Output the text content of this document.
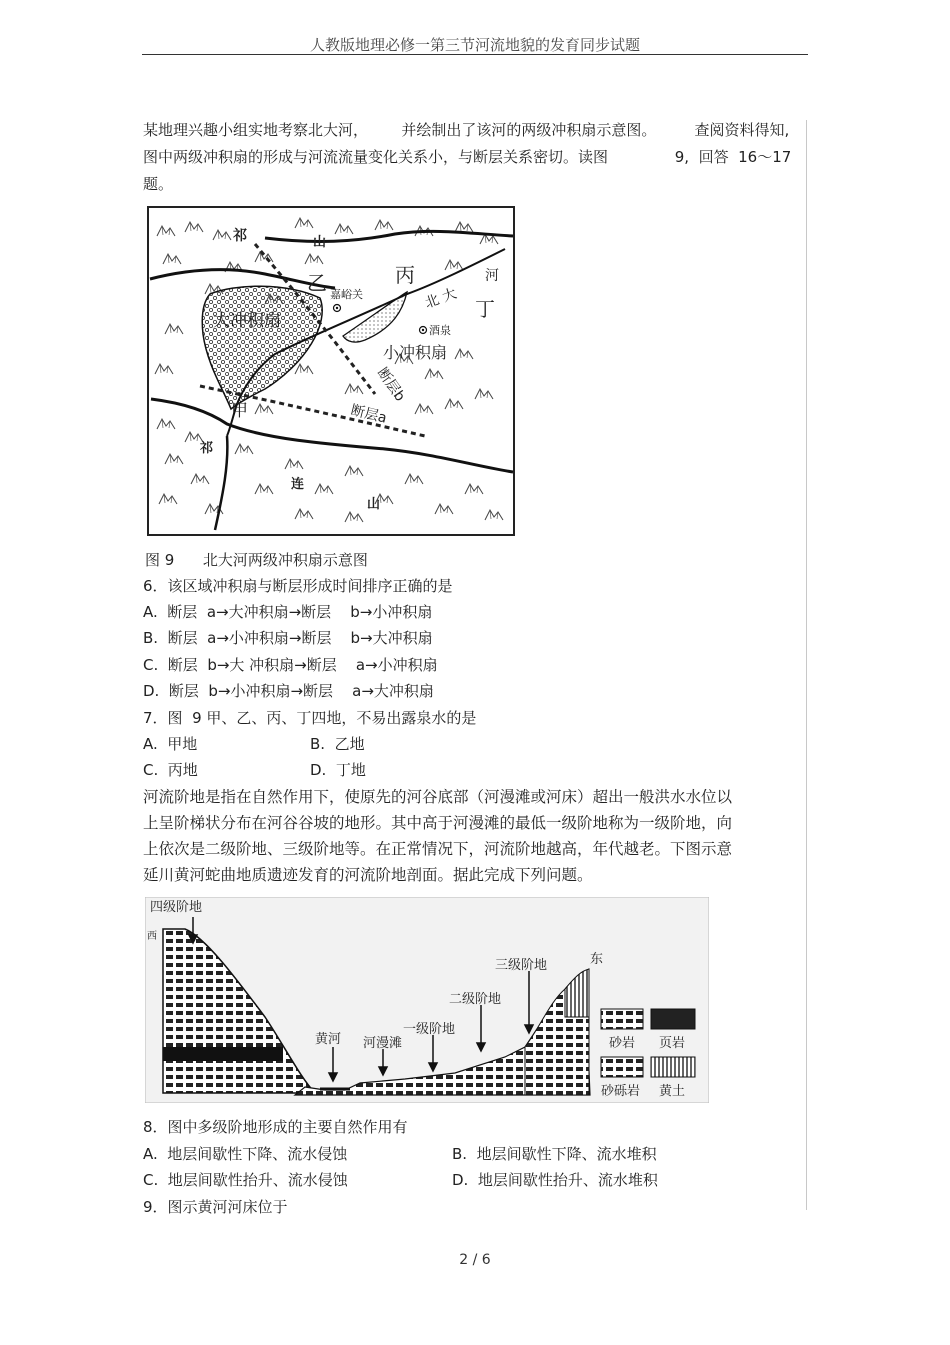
人教版地理必修一第三节河流地貌的发育同步试题
某地理兴趣小组实地考察北大河，       并绘制出了该河的两级冲积扇示意图。        查阅资料得知,
图中两级冲积扇的形成与河流流量变化关系小，与断层关系密切。读图              9,  回答  16～17
题。
祁	山
乙	丙	河
丁
嘉峪关	北 大
酒泉
大冲积扇
小冲积扇
断层b
甲	断层a
祁
连
山
图 9      北大河两级冲积扇示意图
6．该区域冲积扇与断层形成时间排序正确的是
A.  断层  a→大冲积扇→断层    b→小冲积扇
B.  断层  a→小冲积扇→断层    b→大冲积扇
C.  断层  b→大 冲积扇→断层    a→小冲积扇
D.  断层  b→小冲积扇→断层    a→大冲积扇
7．图  9 甲、乙、丙、丁四地，不易出露泉水的是
A.  甲地	B.  乙地
C.  丙地	D.  丁地
河流阶地是指在自然作用下，使原先的河谷底部（河漫滩或河床）超出一般洪水水位以
上呈阶梯状分布在河谷谷坡的地形。其中高于河漫滩的最低一级阶地称为一级阶地，向
上依次是二级阶地、三级阶地等。在正常情况下，河流阶地越高，年代越老。下图示意
延川黄河蛇曲地质遗迹发育的河流阶地剖面。据此完成下列问题。
西
东
四级阶地
三级阶地
二级阶地
一级阶地
河漫滩
黄河	砂岩 页岩
砂砾岩 黄土
8．图中多级阶地形成的主要自然作用有
A.  地层间歇性下降、流水侵蚀	B.  地层间歇性下降、流水堆积
C.  地层间歇性抬升、流水侵蚀	D.  地层间歇性抬升、流水堆积
9．图示黄河河床位于
2 / 6
